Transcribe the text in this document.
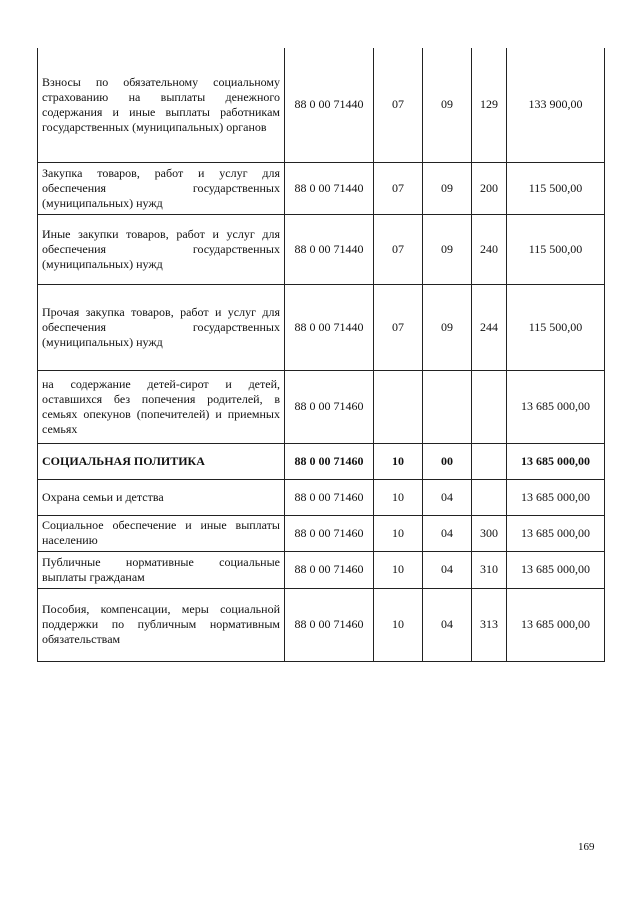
Взносы по обязательному социальному страхованию на выплаты денежного содержания и иные выплаты работникам государственных (муниципальных) органов	88 0 00 71440	07	09	129	133 900,00
Закупка товаров, работ и услуг для обеспечения государственных (муниципальных) нужд	88 0 00 71440	07	09	200	115 500,00
Иные закупки товаров, работ и услуг для обеспечения государственных (муниципальных) нужд	88 0 00 71440	07	09	240	115 500,00
Прочая закупка товаров, работ и услуг для обеспечения государственных (муниципальных) нужд	88 0 00 71440	07	09	244	115 500,00
на содержание детей-сирот и детей, оставшихся без попечения родителей, в семьях опекунов (попечителей) и приемных семьях	88 0 00 71460				13 685 000,00
СОЦИАЛЬНАЯ ПОЛИТИКА	88 0 00 71460	10	00		13 685 000,00
Охрана семьи и детства	88 0 00 71460	10	04		13 685 000,00
Социальное обеспечение и иные выплаты населению	88 0 00 71460	10	04	300	13 685 000,00
Публичные нормативные социальные выплаты гражданам	88 0 00 71460	10	04	310	13 685 000,00
Пособия, компенсации, меры социальной поддержки по публичным нормативным обязательствам	88 0 00 71460	10	04	313	13 685 000,00
169
